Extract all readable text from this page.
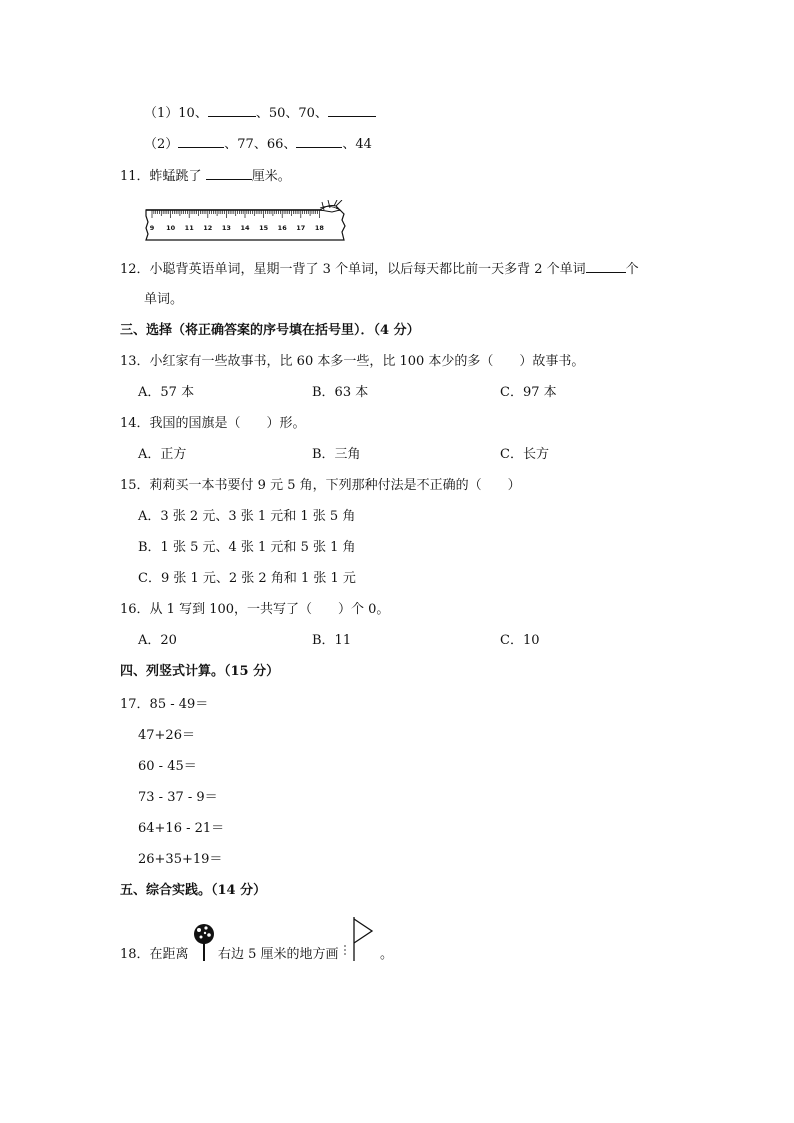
（1）10、	、50、70、
（2）	、77、66、	、44
11．蚱蜢跳了	厘米。
9 10 11 12 13 14 15 16 17 18
12．小聪背英语单词，星期一背了 3 个单词，以后每天都比前一天多背 2 个单词	个
单词。
三、选择（将正确答案的序号填在括号里）．（4 分）
13．小红家有一些故事书，比 60 本多一些，比 100 本少的多（　　）故事书。
A．57 本	B．63 本	C．97 本
14．我国的国旗是（　　）形。
A．正方	B．三角	C．长方
15．莉莉买一本书要付 9 元 5 角，下列那种付法是不正确的（　　）
A．3 张 2 元、3 张 1 元和 1 张 5 角
B．1 张 5 元、4 张 1 元和 5 张 1 角
C．9 张 1 元、2 张 2 角和 1 张 1 元
16．从 1 写到 100，一共写了（　　）个 0。
A．20	B．11	C．10
四、列竖式计算。（15 分）
17．85 - 49＝
47+26＝
60 - 45＝
73 - 37 - 9＝
64+16 - 21＝
26+35+19＝
五、综合实践。（14 分）
18．在距离 右边 5 厘米的地方画	。
